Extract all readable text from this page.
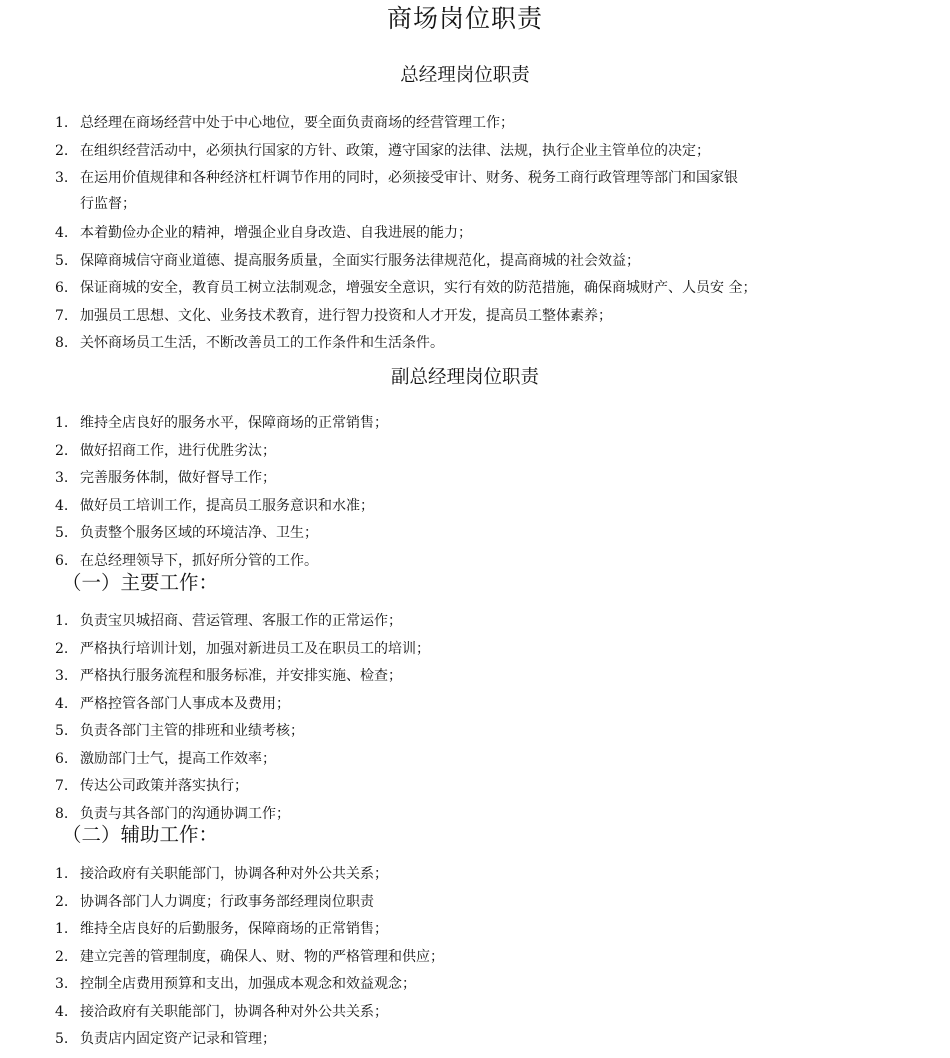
商场岗位职责
总经理岗位职责
1. 总经理在商场经营中处于中心地位，要全面负责商场的经营管理工作；
2. 在组织经营活动中，必须执行国家的方针、政策，遵守国家的法律、法规，执行企业主管单位的决定；
3. 在运用价值规律和各种经济杠杆调节作用的同时，必须接受审计、财务、税务工商行政管理等部门和国家银
行监督；
4. 本着勤俭办企业的精神，增强企业自身改造、自我进展的能力；
5. 保障商城信守商业道德、提高服务质量，全面实行服务法律规范化，提高商城的社会效益；
6. 保证商城的安全，教育员工树立法制观念，增强安全意识，实行有效的防范措施，确保商城财产、人员安 全；
7. 加强员工思想、文化、业务技术教育，进行智力投资和人才开发，提高员工整体素养；
8. 关怀商场员工生活，不断改善员工的工作条件和生活条件。
副总经理岗位职责
1. 维持全店良好的服务水平，保障商场的正常销售；
2. 做好招商工作，进行优胜劣汰；
3. 完善服务体制，做好督导工作；
4. 做好员工培训工作，提高员工服务意识和水准；
5. 负责整个服务区域的环境洁净、卫生；
6. 在总经理领导下，抓好所分管的工作。
（一）主要工作：
1. 负责宝贝城招商、营运管理、客服工作的正常运作；
2. 严格执行培训计划，加强对新进员工及在职员工的培训；
3. 严格执行服务流程和服务标准，并安排实施、检查；
4. 严格控管各部门人事成本及费用；
5. 负责各部门主管的排班和业绩考核；
6. 激励部门士气，提高工作效率；
7. 传达公司政策并落实执行；
8. 负责与其各部门的沟通协调工作；
（二）辅助工作：
1. 接洽政府有关职能部门，协调各种对外公共关系；
2. 协调各部门人力调度；行政事务部经理岗位职责
1. 维持全店良好的后勤服务，保障商场的正常销售；
2. 建立完善的管理制度，确保人、财、物的严格管理和供应；
3. 控制全店费用预算和支出，加强成本观念和效益观念；
4. 接洽政府有关职能部门，协调各种对外公共关系；
5. 负责店内固定资产记录和管理；
